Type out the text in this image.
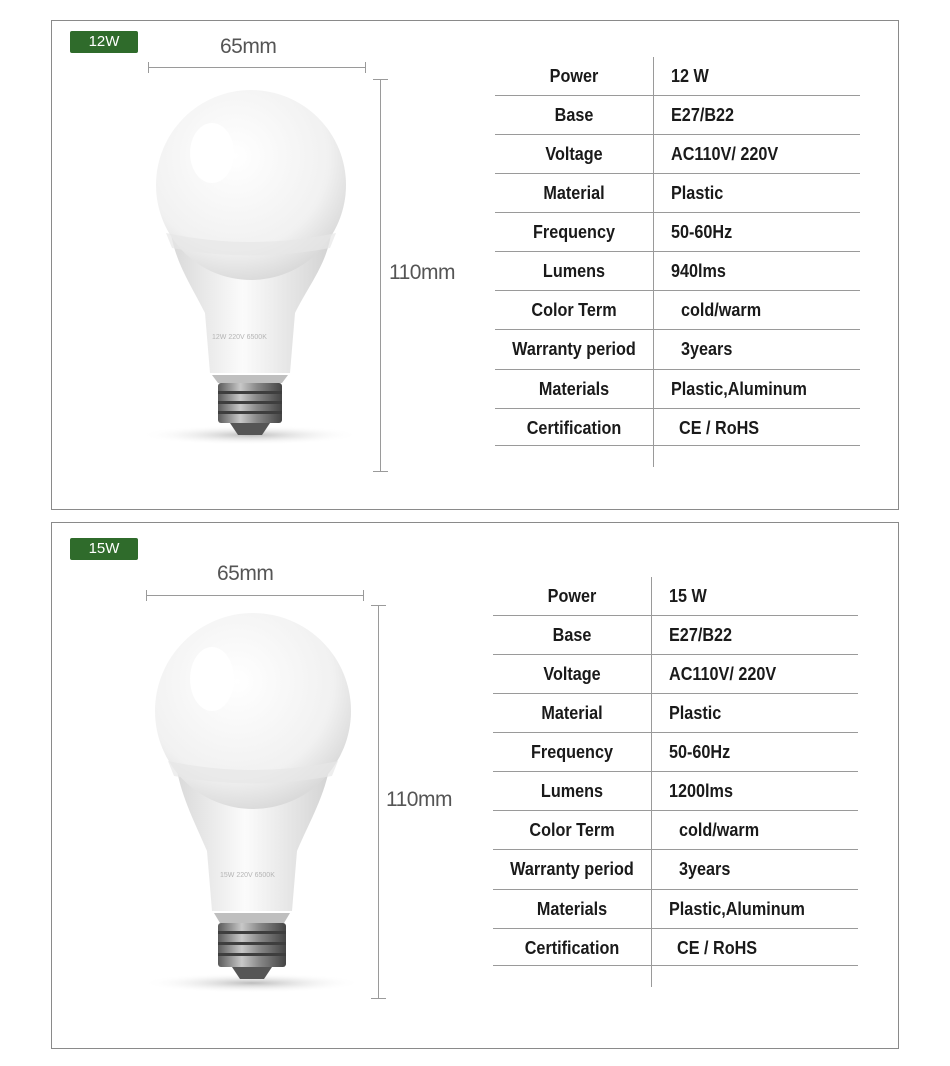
12W	65mm
110mm
12W 220V 6500K
Power	12 W
Base	E27/B22
Voltage	AC110V/ 220V
Material	Plastic
Frequency	50-60Hz
Lumens	940lms
Color Term	cold/warm
Warranty period	3years
Materials	Plastic,Aluminum
Certification	CE / RoHS
15W
65mm
110mm
15W 220V 6500K
Power	15 W
Base	E27/B22
Voltage	AC110V/ 220V
Material	Plastic
Frequency	50-60Hz
Lumens	1200lms
Color Term	cold/warm
Warranty period	3years
Materials	Plastic,Aluminum
Certification	CE / RoHS
